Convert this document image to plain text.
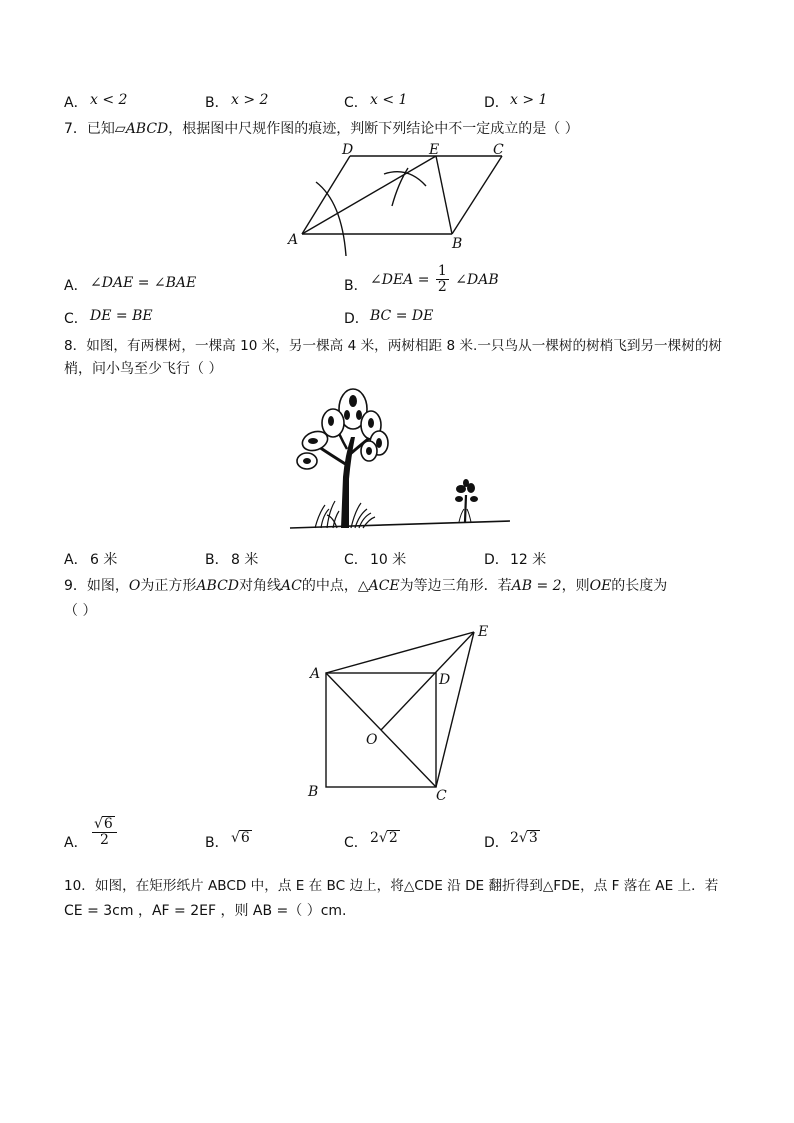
A． x < 2	B． x > 2	C． x < 1	D． x > 1
7．已知▱ABCD，根据图中尺规作图的痕迹，判断下列结论中不一定成立的是（ ）
A	B
C
D	E
A． ∠DAE = ∠BAE	B． ∠DEA = $\frac{1}{2}$ ∠DAB
C． DE = BE	D． BC = DE
8．如图，有两棵树，一棵高 10 米，另一棵高 4 米，两树相距 8 米.一只鸟从一棵树的树梢飞到另一棵树的树
梢，问小鸟至少飞行（ ）
A． 6 米	B． 8 米	C． 10 米	D． 12 米
9．如图，O为正方形ABCD对角线AC的中点，△ACE为等边三角形．若AB = 2，则OE的长度为
（ ）
A
B	C
D
E
O
A． $\frac{√6}{2}$	B． √6	C． 2√2	D． 2√3
10．如图，在矩形纸片 ABCD 中，点 E 在 BC 边上，将△CDE 沿 DE 翻折得到△FDE，点 F 落在 AE 上．若
CE = 3cm ，AF = 2EF ，则 AB =（ ）cm.
